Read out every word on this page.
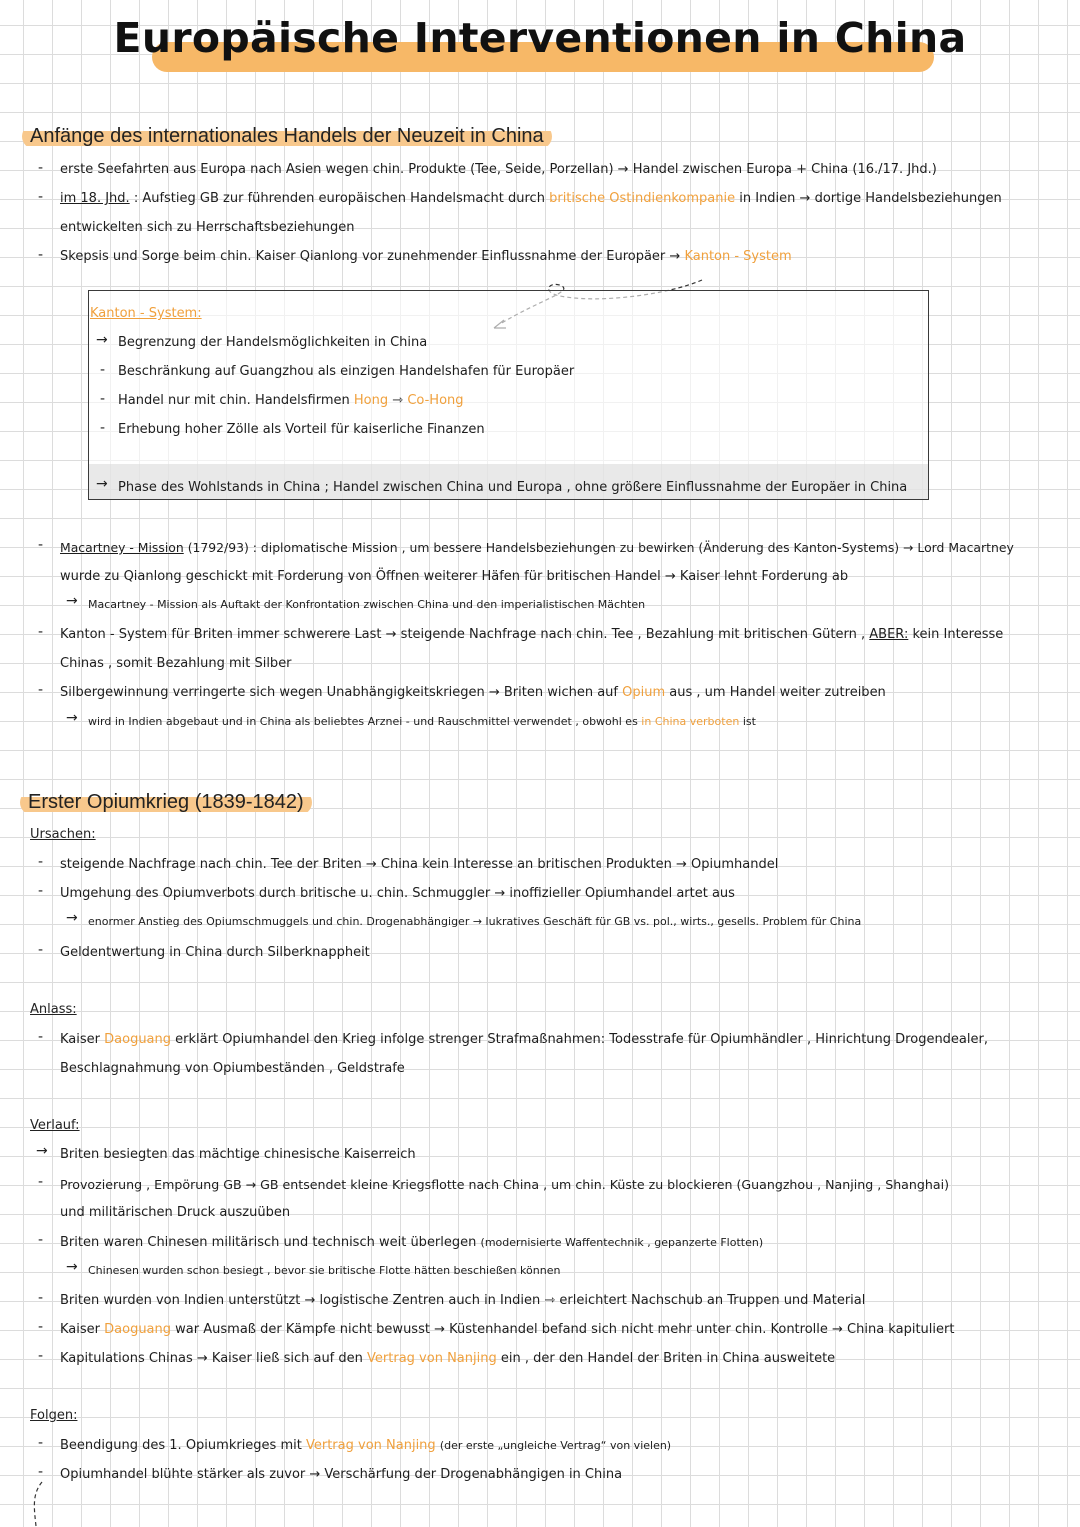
Europäische Interventionen in China
Anfänge des internationales Handels der Neuzeit in China
- erste Seefahrten aus Europa nach Asien wegen chin. Produkte (Tee, Seide, Porzellan) → Handel zwischen Europa + China (16./17. Jhd.)
- im 18. Jhd. : Aufstieg GB zur führenden europäischen Handelsmacht durch britische Ostindienkompanie in Indien → dortige Handelsbeziehungen
entwickelten sich zu Herrschaftsbeziehungen
- Skepsis und Sorge beim chin. Kaiser Qianlong vor zunehmender Einflussnahme der Europäer → Kanton - System
Kanton - System:
→ Begrenzung der Handelsmöglichkeiten in China
- Beschränkung auf Guangzhou als einzigen Handelshafen für Europäer
- Handel nur mit chin. Handelsfirmen Hong ⇾ Co-Hong
- Erhebung hoher Zölle als Vorteil für kaiserliche Finanzen
→ Phase des Wohlstands in China ; Handel zwischen China und Europa , ohne größere Einflussnahme der Europäer in China
- Macartney - Mission (1792/93) : diplomatische Mission , um bessere Handelsbeziehungen zu bewirken (Änderung des Kanton-Systems) → Lord Macartney
wurde zu Qianlong geschickt mit Forderung von Öffnen weiterer Häfen für britischen Handel → Kaiser lehnt Forderung ab
→ Macartney - Mission als Auftakt der Konfrontation zwischen China und den imperialistischen Mächten
- Kanton - System für Briten immer schwerere Last → steigende Nachfrage nach chin. Tee , Bezahlung mit britischen Gütern , ABER: kein Interesse
Chinas , somit Bezahlung mit Silber
- Silbergewinnung verringerte sich wegen Unabhängigkeitskriegen → Briten wichen auf Opium aus , um Handel weiter zutreiben
→ wird in Indien abgebaut und in China als beliebtes Arznei - und Rauschmittel verwendet , obwohl es in China verboten ist
Erster Opiumkrieg (1839-1842)
Ursachen:
- steigende Nachfrage nach chin. Tee der Briten → China kein Interesse an britischen Produkten → Opiumhandel
- Umgehung des Opiumverbots durch britische u. chin. Schmuggler → inoffizieller Opiumhandel artet aus
→ enormer Anstieg des Opiumschmuggels und chin. Drogenabhängiger → lukratives Geschäft für GB vs. pol., wirts., gesells. Problem für China
- Geldentwertung in China durch Silberknappheit
Anlass:
- Kaiser Daoguang erklärt Opiumhandel den Krieg infolge strenger Strafmaßnahmen: Todesstrafe für Opiumhändler , Hinrichtung Drogendealer,
Beschlagnahmung von Opiumbeständen , Geldstrafe
Verlauf:
→ Briten besiegten das mächtige chinesische Kaiserreich
- Provozierung , Empörung GB → GB entsendet kleine Kriegsflotte nach China , um chin. Küste zu blockieren (Guangzhou , Nanjing , Shanghai)
und militärischen Druck auszuüben
- Briten waren Chinesen militärisch und technisch weit überlegen (modernisierte Waffentechnik , gepanzerte Flotten)
→ Chinesen wurden schon besiegt , bevor sie britische Flotte hätten beschießen können
- Briten wurden von Indien unterstützt → logistische Zentren auch in Indien ⇾ erleichtert Nachschub an Truppen und Material
- Kaiser Daoguang war Ausmaß der Kämpfe nicht bewusst → Küstenhandel befand sich nicht mehr unter chin. Kontrolle → China kapituliert
- Kapitulations Chinas → Kaiser ließ sich auf den Vertrag von Nanjing ein , der den Handel der Briten in China ausweitete
Folgen:
- Beendigung des 1. Opiumkrieges mit Vertrag von Nanjing (der erste „ungleiche Vertrag“ von vielen)
- Opiumhandel blühte stärker als zuvor → Verschärfung der Drogenabhängigen in China
